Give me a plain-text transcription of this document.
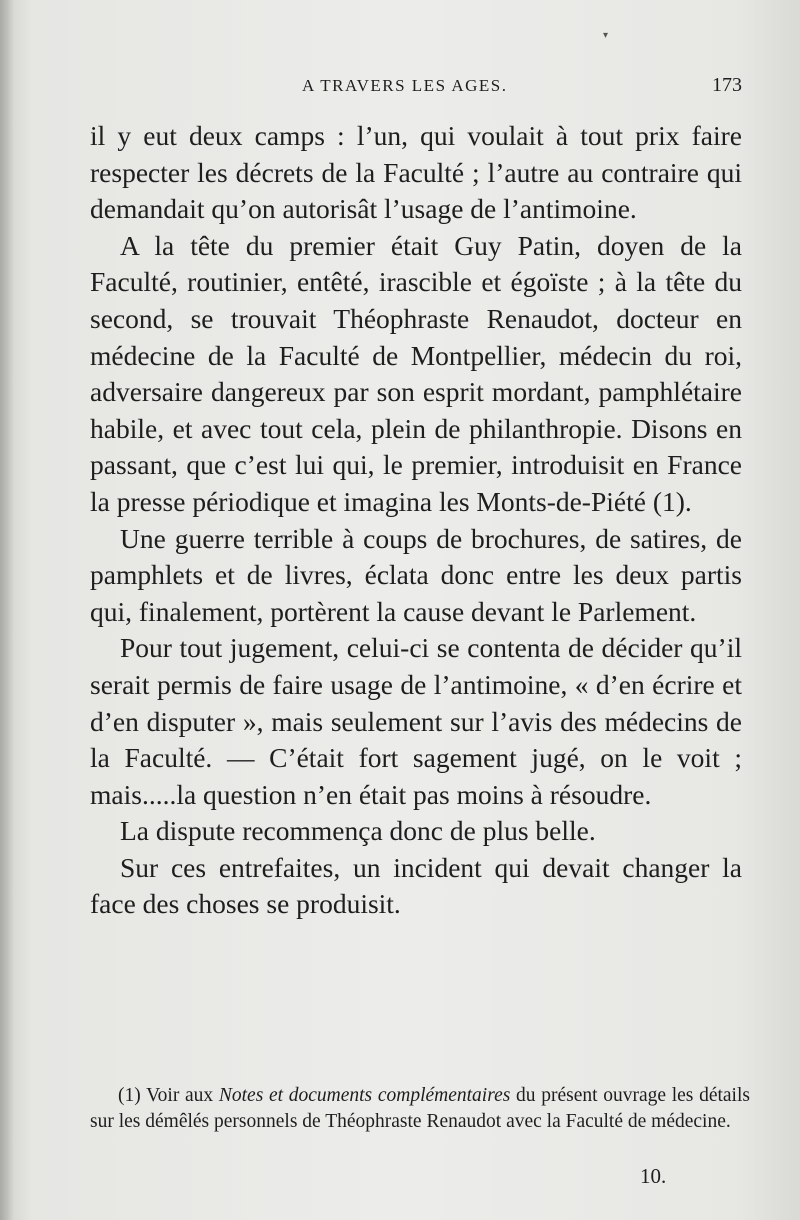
▾
A TRAVERS LES AGES.	173

il y eut deux camps : l’un, qui voulait à tout prix faire respecter les décrets de la Faculté ; l’autre au contraire qui demandait qu’on autorisât l’usage de l’antimoine.

A la tête du premier était Guy Patin, doyen de la Faculté, routinier, entêté, irascible et égoïste ; à la tête du second, se trouvait Théophraste Renaudot, docteur en médecine de la Faculté de Montpellier, médecin du roi, adversaire dangereux par son esprit mordant, pamphlétaire habile, et avec tout cela, plein de philanthropie. Disons en passant, que c’est lui qui, le premier, introduisit en France la presse périodique et imagina les Monts-de-Piété (1).

Une guerre terrible à coups de brochures, de satires, de pamphlets et de livres, éclata donc entre les deux partis qui, finalement, portèrent la cause devant le Parlement.

Pour tout jugement, celui-ci se contenta de décider qu’il serait permis de faire usage de l’antimoine, « d’en écrire et d’en disputer », mais seulement sur l’avis des médecins de la Faculté. — C’était fort sagement jugé, on le voit ; mais.....la question n’en était pas moins à résoudre.

La dispute recommença donc de plus belle.

Sur ces entrefaites, un incident qui devait changer la face des choses se produisit.

(1) Voir aux Notes et documents complémentaires du présent ouvrage les détails sur les démêlés personnels de Théophraste Renaudot avec la Faculté de médecine.

10.
